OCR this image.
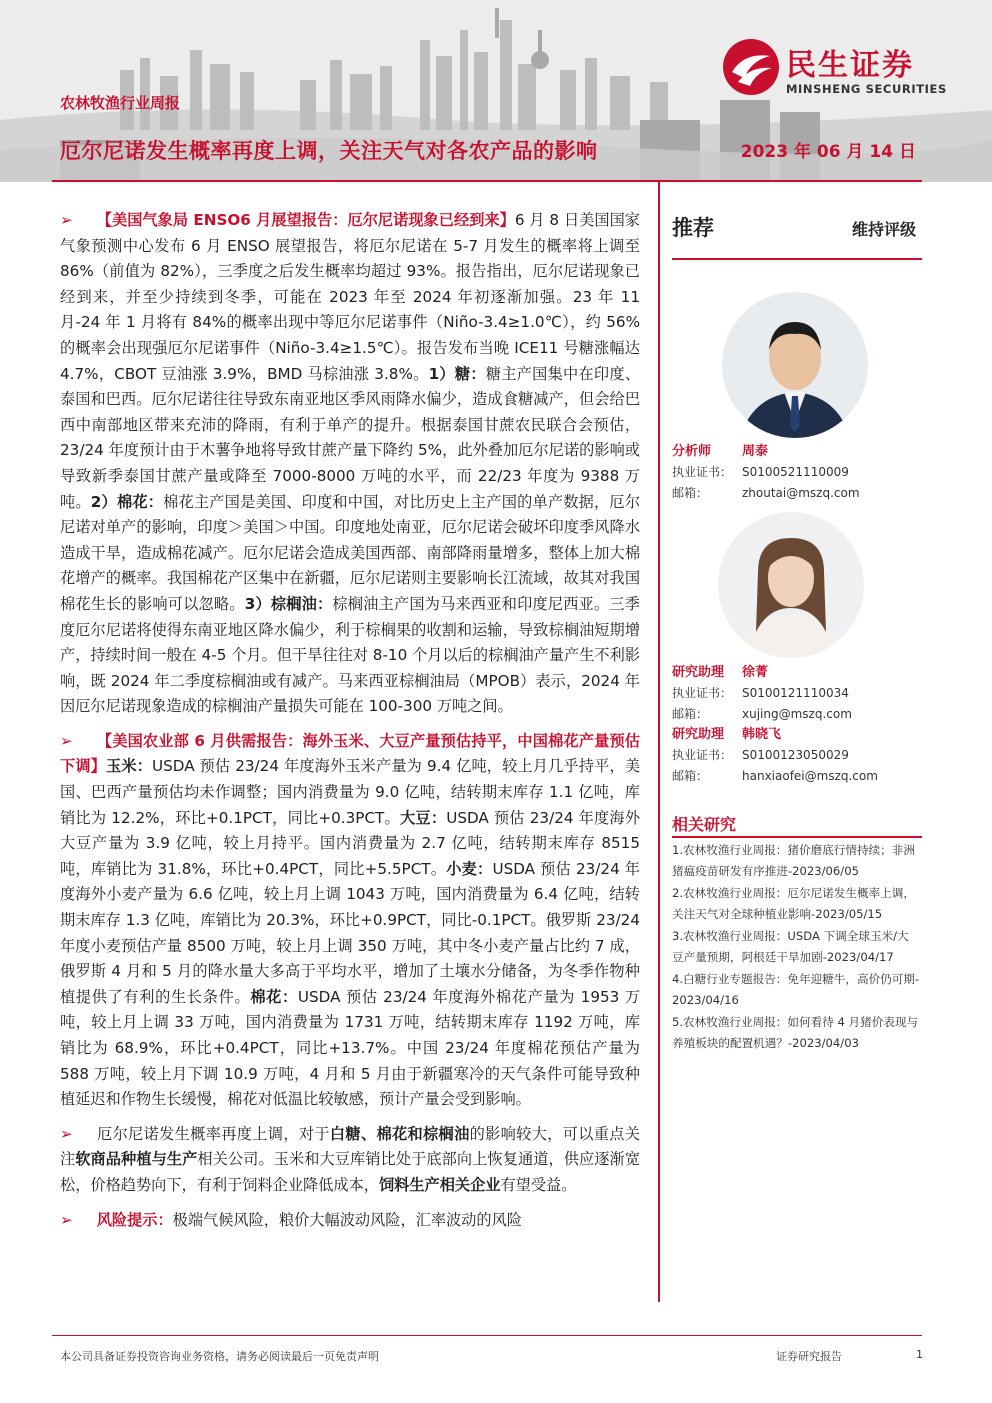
民生证券
MINSHENG SECURITIES
农林牧渔行业周报
厄尔尼诺发生概率再度上调，关注天气对各农产品的影响	2023 年 06 月 14 日

➢ 【美国气象局 ENSO6 月展望报告：厄尔尼诺现象已经到来】6 月 8 日美国国家气象预测中心发布 6 月 ENSO 展望报告，将厄尔尼诺在 5-7 月发生的概率将上调至 86%（前值为 82%），三季度之后发生概率均超过 93%。报告指出，厄尔尼诺现象已经到来，并至少持续到冬季，可能在 2023 年至 2024 年初逐渐加强。23 年 11 月-24 年 1 月将有 84%的概率出现中等厄尔尼诺事件（Niño-3.4≥1.0℃），约 56%的概率会出现强厄尔尼诺事件（Niño-3.4≥1.5℃）。报告发布当晚 ICE11 号糖涨幅达 4.7%，CBOT 豆油涨 3.9%，BMD 马棕油涨 3.8%。1）糖：糖主产国集中在印度、泰国和巴西。厄尔尼诺往往导致东南亚地区季风雨降水偏少，造成食糖减产，但会给巴西中南部地区带来充沛的降雨，有利于单产的提升。根据泰国甘蔗农民联合会预估，23/24 年度预计由于木薯争地将导致甘蔗产量下降约 5%，此外叠加厄尔尼诺的影响或导致新季泰国甘蔗产量或降至 7000-8000 万吨的水平，而 22/23 年度为 9388 万吨。2）棉花：棉花主产国是美国、印度和中国，对比历史上主产国的单产数据，厄尔尼诺对单产的影响，印度＞美国＞中国。印度地处南亚，厄尔尼诺会破坏印度季风降水造成干旱，造成棉花减产。厄尔尼诺会造成美国西部、南部降雨量增多，整体上加大棉花增产的概率。我国棉花产区集中在新疆，厄尔尼诺则主要影响长江流域，故其对我国棉花生长的影响可以忽略。3）棕榈油：棕榈油主产国为马来西亚和印度尼西亚。三季度厄尔尼诺将使得东南亚地区降水偏少，利于棕榈果的收割和运输，导致棕榈油短期增产，持续时间一般在 4-5 个月。但干旱往往对 8-10 个月以后的棕榈油产量产生不利影响，既 2024 年二季度棕榈油或有减产。马来西亚棕榈油局（MPOB）表示，2024 年因厄尔尼诺现象造成的棕榈油产量损失可能在 100-300 万吨之间。

➢ 【美国农业部 6 月供需报告：海外玉米、大豆产量预估持平，中国棉花产量预估下调】玉米：USDA 预估 23/24 年度海外玉米产量为 9.4 亿吨，较上月几乎持平，美国、巴西产量预估均未作调整；国内消费量为 9.0 亿吨，结转期末库存 1.1 亿吨，库销比为 12.2%，环比+0.1PCT，同比+0.3PCT。大豆：USDA 预估 23/24 年度海外大豆产量为 3.9 亿吨，较上月持平。国内消费量为 2.7 亿吨，结转期末库存 8515 吨，库销比为 31.8%，环比+0.4PCT，同比+5.5PCT。小麦：USDA 预估 23/24 年度海外小麦产量为 6.6 亿吨，较上月上调 1043 万吨，国内消费量为 6.4 亿吨，结转期末库存 1.3 亿吨，库销比为 20.3%，环比+0.9PCT，同比-0.1PCT。俄罗斯 23/24 年度小麦预估产量 8500 万吨，较上月上调 350 万吨，其中冬小麦产量占比约 7 成，俄罗斯 4 月和 5 月的降水量大多高于平均水平，增加了土壤水分储备，为冬季作物种植提供了有利的生长条件。棉花：USDA 预估 23/24 年度海外棉花产量为 1953 万吨，较上月上调 33 万吨，国内消费量为 1731 万吨，结转期末库存 1192 万吨，库销比为 68.9%，环比+0.4PCT，同比+13.7%。中国 23/24 年度棉花预估产量为 588 万吨，较上月下调 10.9 万吨，4 月和 5 月由于新疆寒冷的天气条件可能导致种植延迟和作物生长缓慢，棉花对低温比较敏感，预计产量会受到影响。

➢ 厄尔尼诺发生概率再度上调，对于白糖、棉花和棕榈油的影响较大，可以重点关注软商品种植与生产相关公司。玉米和大豆库销比处于底部向上恢复通道，供应逐渐宽松，价格趋势向下，有利于饲料企业降低成本，饲料生产相关企业有望受益。

➢ 风险提示：极端气候风险，粮价大幅波动风险，汇率波动的风险

推荐	维持评级
分析师 周泰
执业证书： S0100521110009
邮箱：	zhoutai@mszq.com
研究助理 徐菁
执业证书： S0100121110034
邮箱：	xujing@mszq.com
研究助理 韩晓飞
执业证书： S0100123050029
邮箱：	hanxiaofei@mszq.com
相关研究
1.农林牧渔行业周报：猪价磨底行情持续；非洲猪瘟疫苗研发有序推进-2023/06/05
2.农林牧渔行业周报：厄尔尼诺发生概率上调，关注天气对全球种植业影响-2023/05/15
3.农林牧渔行业周报：USDA 下调全球玉米/大豆产量预期，阿根廷干旱加剧-2023/04/17
4.白糖行业专题报告：免年迎糖牛，高价仍可期-2023/04/16
5.农林牧渔行业周报：如何看待 4 月猪价表现与养殖板块的配置机遇？-2023/04/03
本公司具备证券投资咨询业务资格，请务必阅读最后一页免责声明	证券研究报告	1
